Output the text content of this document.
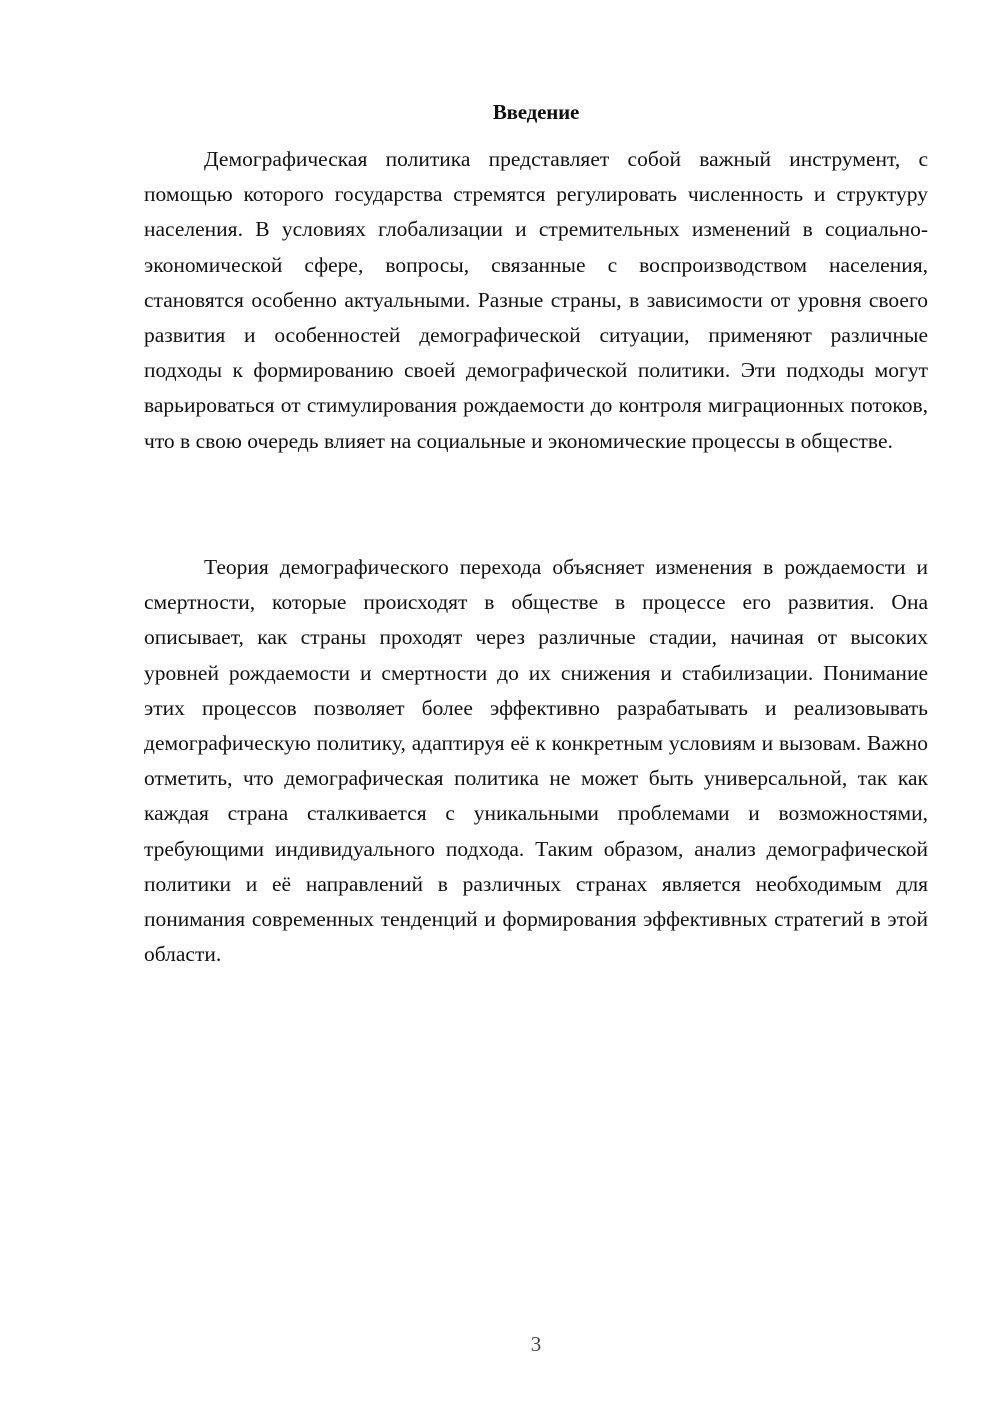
Введение

Демографическая политика представляет собой важный инструмент, с помощью которого государства стремятся регулировать численность и структуру населения. В условиях глобализации и стремительных изменений в социально-экономической сфере, вопросы, связанные с воспроизводством населения, становятся особенно актуальными. Разные страны, в зависимости от уровня своего развития и особенностей демографической ситуации, применяют различные подходы к формированию своей демографической политики. Эти подходы могут варьироваться от стимулирования рождаемости до контроля миграционных потоков, что в свою очередь влияет на социальные и экономические процессы в обществе.

Теория демографического перехода объясняет изменения в рождаемости и смертности, которые происходят в обществе в процессе его развития. Она описывает, как страны проходят через различные стадии, начиная от высоких уровней рождаемости и смертности до их снижения и стабилизации. Понимание этих процессов позволяет более эффективно разрабатывать и реализовывать демографическую политику, адаптируя её к конкретным условиям и вызовам. Важно отметить, что демографическая политика не может быть универсальной, так как каждая страна сталкивается с уникальными проблемами и возможностями, требующими индивидуального подхода. Таким образом, анализ демографической политики и её направлений в различных странах является необходимым для понимания современных тенденций и формирования эффективных стратегий в этой области.

3
